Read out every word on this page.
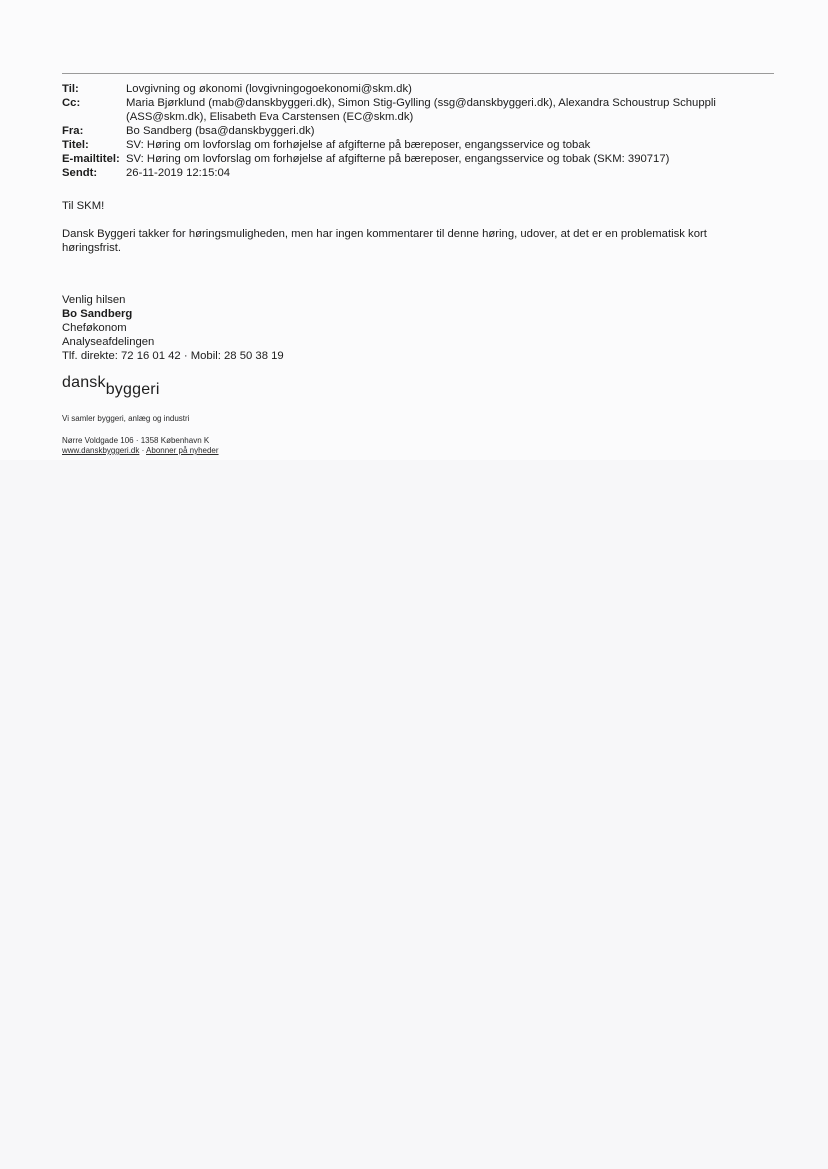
Til:	Lovgivning og økonomi (lovgivningogoekonomi@skm.dk)
Cc:	Maria Bjørklund (mab@danskbyggeri.dk), Simon Stig-Gylling (ssg@danskbyggeri.dk), Alexandra Schoustrup Schuppli (ASS@skm.dk), Elisabeth Eva Carstensen (EC@skm.dk)
Fra:	Bo Sandberg (bsa@danskbyggeri.dk)
Titel:	SV: Høring om lovforslag om forhøjelse af afgifterne på bæreposer, engangsservice og tobak
E-mailtitel: SV: Høring om lovforslag om forhøjelse af afgifterne på bæreposer, engangsservice og tobak (SKM: 390717)
Sendt:	26-11-2019 12:15:04

Til SKM!

Dansk Byggeri takker for høringsmuligheden, men har ingen kommentarer til denne høring, udover, at det er en problematisk kort høringsfrist.

Venlig hilsen

Bo Sandberg

Cheføkonom

Analyseafdelingen

Tlf. direkte: 72 16 01 42 · Mobil: 28 50 38 19

danskbyggeri
Vi samler byggeri, anlæg og industri
Nørre Voldgade 106 · 1358 København K
www.danskbyggeri.dk · Abonner på nyheder
